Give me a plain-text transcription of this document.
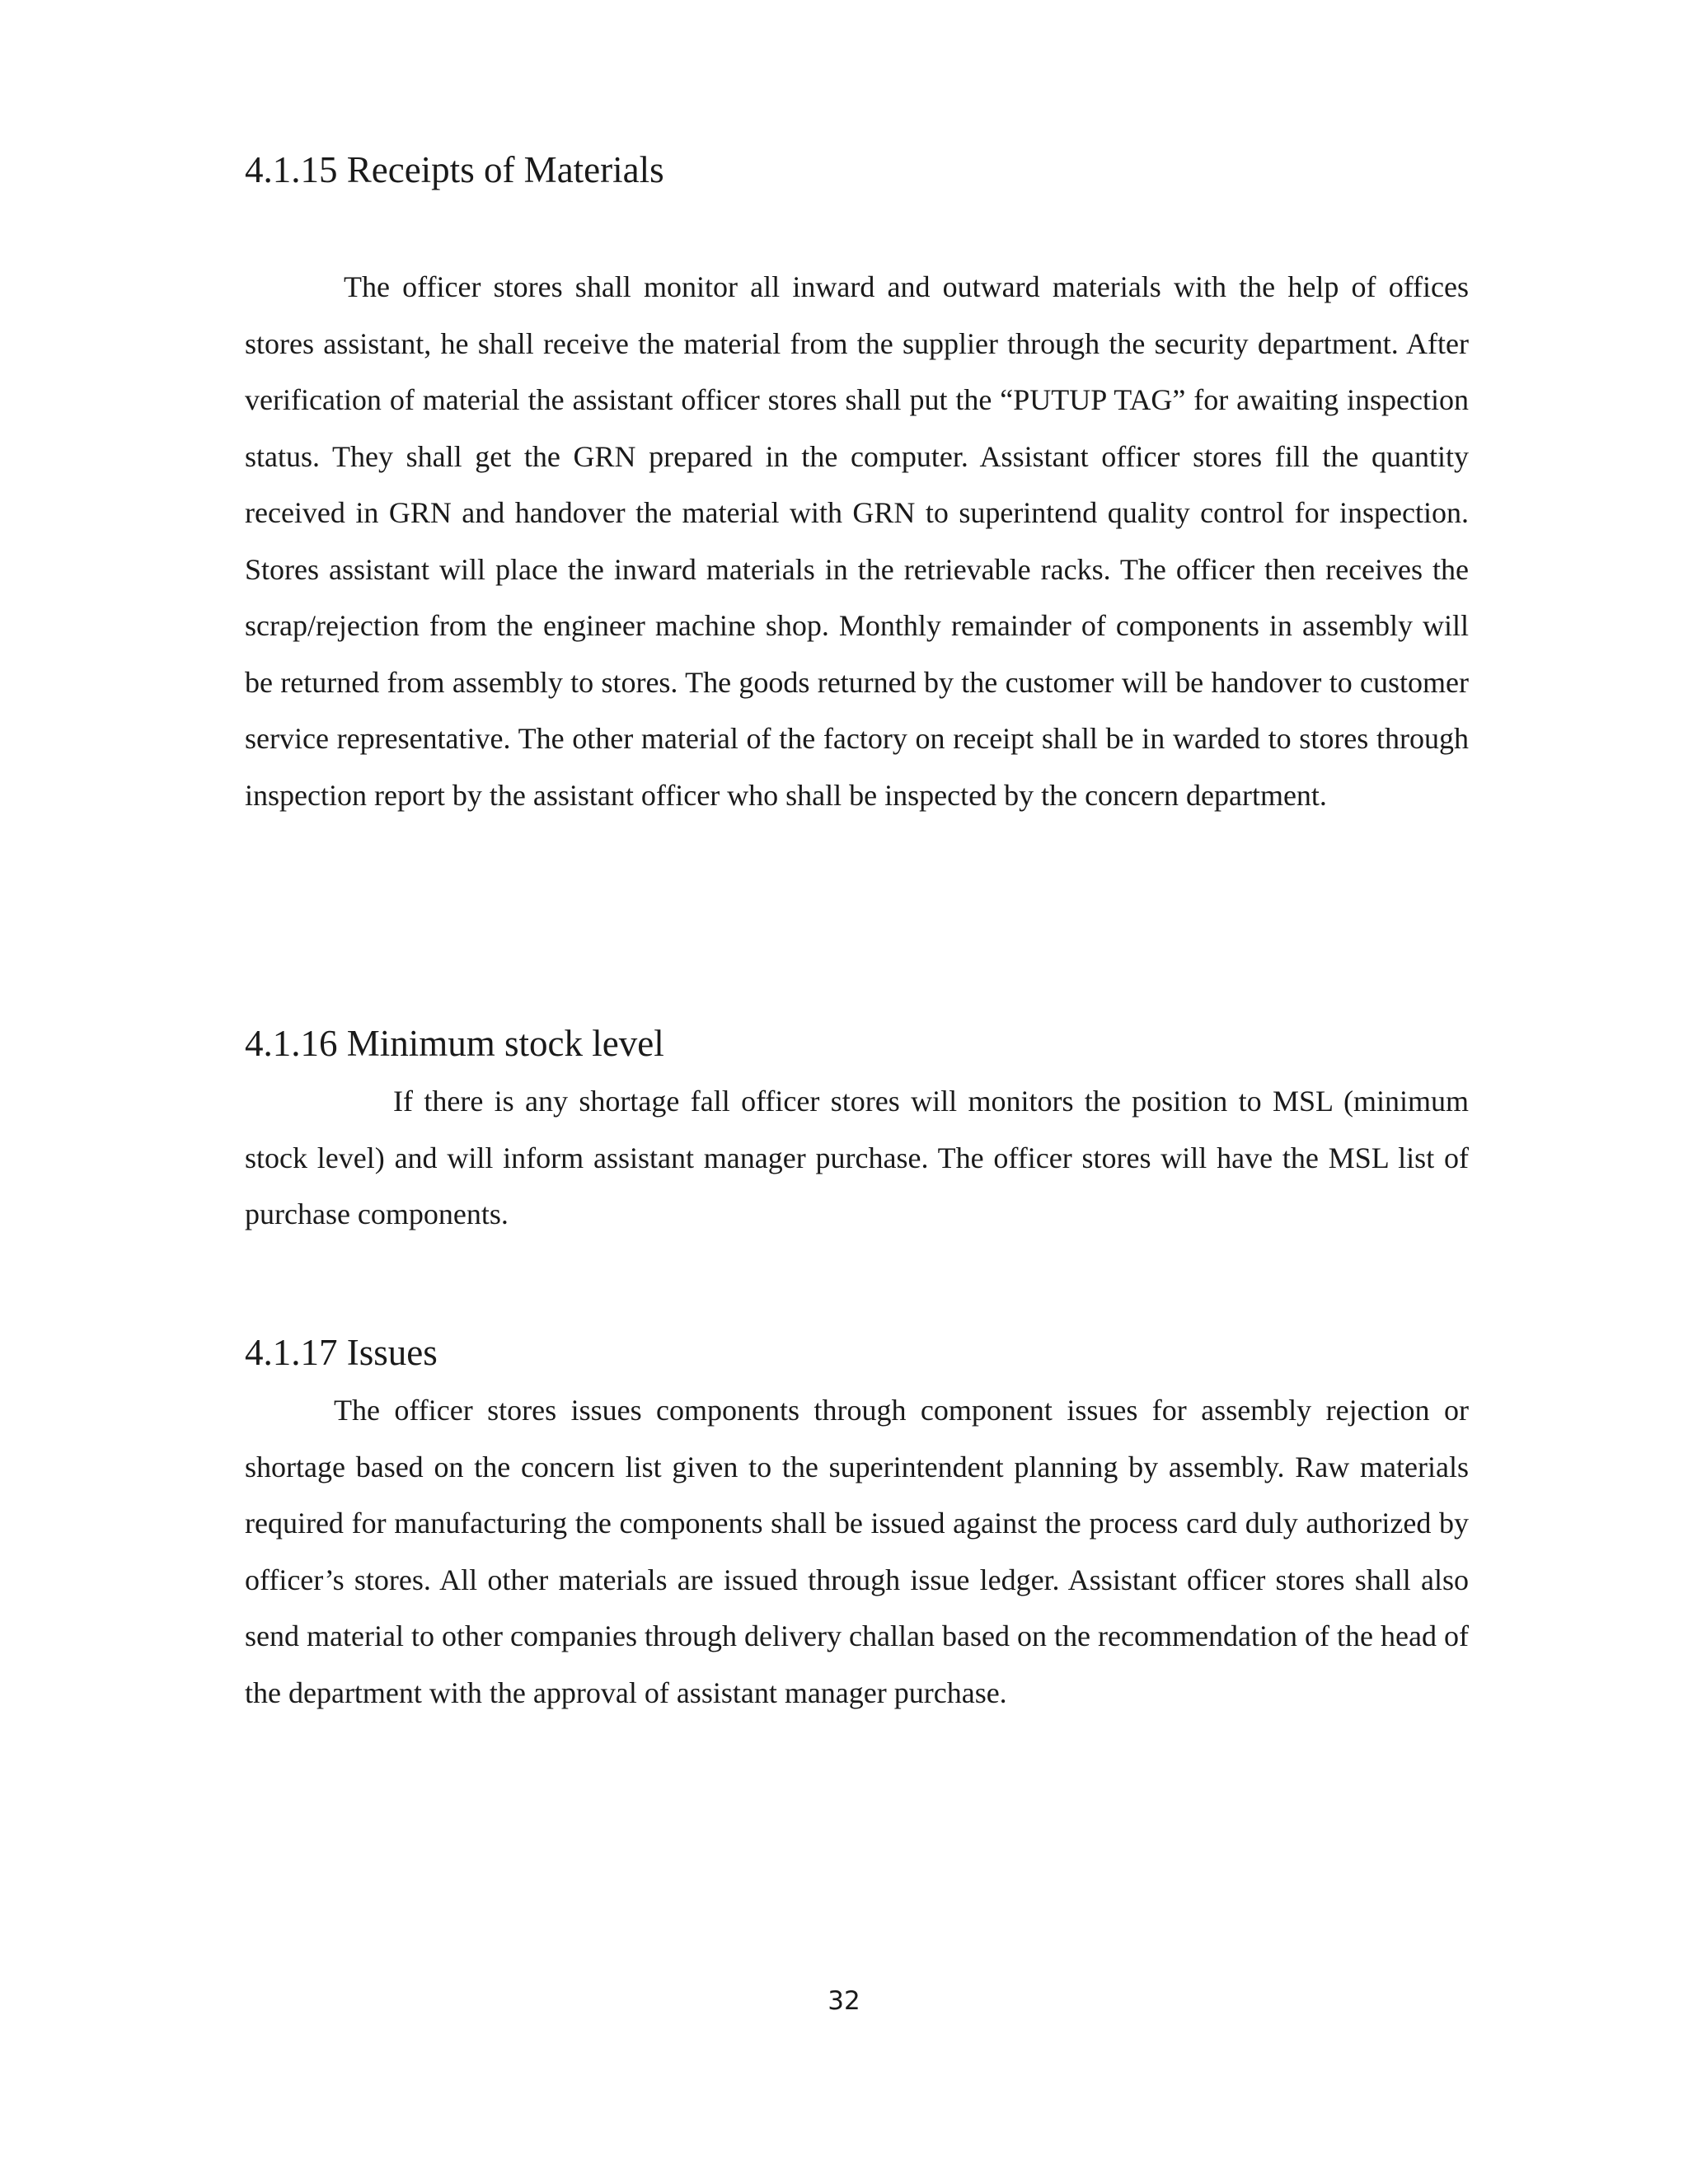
4.1.15 Receipts of Materials

The officer stores shall monitor all inward and outward materials with the help of offices stores assistant, he shall receive the material from the supplier through the security department. After verification of material the assistant officer stores shall put the “PUTUP TAG” for awaiting inspection status. They shall get the GRN prepared in the computer. Assistant officer stores fill the quantity received in GRN and handover the material with GRN to superintend quality control for inspection. Stores assistant will place the inward materials in the retrievable racks. The officer then receives the scrap/rejection from the engineer machine shop. Monthly remainder of components in assembly will be returned from assembly to stores. The goods returned by the customer will be handover to customer service representative. The other material of the factory on receipt shall be in warded to stores through inspection report by the assistant officer who shall be inspected by the concern department.

4.1.16 Minimum stock level

If there is any shortage fall officer stores will monitors the position to MSL (minimum stock level) and will inform assistant manager purchase. The officer stores will have the MSL list of purchase components.

4.1.17 Issues

The officer stores issues components through component issues for assembly rejection or shortage based on the concern list given to the superintendent planning by assembly. Raw materials required for manufacturing the components shall be issued against the process card duly authorized by officer’s stores. All other materials are issued through issue ledger. Assistant officer stores shall also send material to other companies through delivery challan based on the recommendation of the head of the department with the approval of assistant manager purchase.

32
